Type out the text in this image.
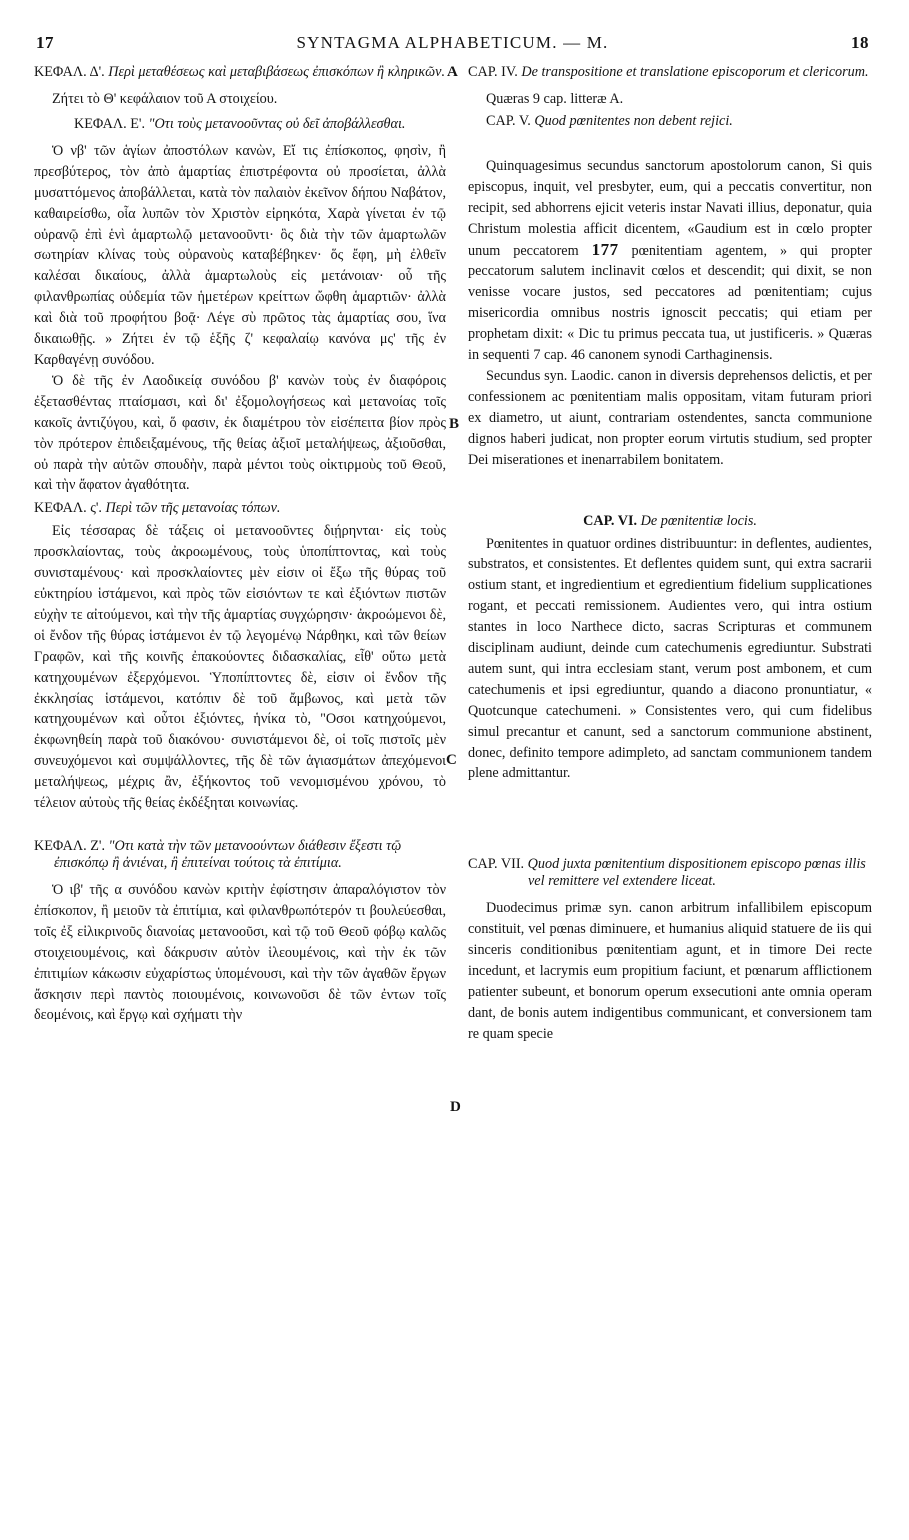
17	SYNTAGMA ALPHABETICUM. — M.	18
A
B
C
D

ΚΕΦΑΛ. Δ'. Περὶ μεταθέσεως καὶ μεταβιβάσεως ἐπισκόπων ἢ κληρικῶν.

Ζήτει τὸ Θ' κεφάλαιον τοῦ Α στοιχείου.

ΚΕΦΑΛ. Ε'. "Οτι τοὺς μετανοοῦντας οὐ δεῖ ἀποβάλλεσθαι.

Ὁ νβ' τῶν ἁγίων ἀποστόλων κανὼν, Εἴ τις ἐπίσκοπος, φησὶν, ἢ πρεσβύτερος, τὸν ἀπὸ ἁμαρτίας ἐπιστρέφοντα οὐ προσίεται, ἀλλὰ μυσαττόμενος ἀποβάλλεται, κατὰ τὸν παλαιὸν ἐκεῖνον δήπου Ναβάτον, καθαιρείσθω, οἷα λυπῶν τὸν Χριστὸν εἰρηκότα, Χαρὰ γίνεται ἐν τῷ οὐρανῷ ἐπὶ ἑνὶ ἁμαρτωλῷ μετανοοῦντι· ὃς διὰ τὴν τῶν ἁμαρτωλῶν σωτηρίαν κλίνας τοὺς οὐρανοὺς καταβέβηκεν· ὅς ἔφη, μὴ ἐλθεῖν καλέσαι δικαίους, ἀλλὰ ἁμαρτωλοὺς εἰς μετάνοιαν· οὗ τῆς φιλανθρωπίας οὐδεμία τῶν ἡμετέρων κρείττων ὤφθη ἁμαρτιῶν· ἀλλὰ καὶ διὰ τοῦ προφήτου βοᾷ· Λέγε σὺ πρῶτος τὰς ἁμαρτίας σου, ἵνα δικαιωθῇς. » Ζήτει ἐν τῷ ἑξῆς ζ' κεφαλαίῳ κανόνα μς' τῆς ἐν Καρθαγένῃ συνόδου.

Ὁ δὲ τῆς ἐν Λαοδικείᾳ συνόδου β' κανὼν τοὺς ἐν διαφόροις ἐξετασθέντας πταίσμασι, καὶ δι' ἐξομολογήσεως καὶ μετανοίας τοῖς κακοῖς ἀντιζύγου, καὶ, ὅ φασιν, ἐκ διαμέτρου τὸν εἰσέπειτα βίον πρὸς τὸν πρότερον ἐπιδειξαμένους, τῆς θείας ἀξιοῖ μεταλήψεως, ἀξιοῦσθαι, οὐ παρὰ τὴν αὐτῶν σπουδὴν, παρὰ μέντοι τοὺς οἰκτιρμοὺς τοῦ Θεοῦ, καὶ τὴν ἄφατον ἀγαθότητα.

ΚΕΦΑΛ. ς'. Περὶ τῶν τῆς μετανοίας τόπων.

Εἰς τέσσαρας δὲ τάξεις οἱ μετανοοῦντες διῄρηνται· εἰς τοὺς προσκλαίοντας, τοὺς ἀκροωμένους, τοὺς ὑποπίπτοντας, καὶ τοὺς συνισταμένους· καὶ προσκλαίοντες μὲν εἰσιν οἱ ἔξω τῆς θύρας τοῦ εὐκτηρίου ἱστάμενοι, καὶ πρὸς τῶν εἰσιόντων τε καὶ ἐξιόντων πιστῶν εὐχὴν τε αἰτούμενοι, καὶ τὴν τῆς ἁμαρτίας συγχώρησιν· ἀκροώμενοι δὲ, οἱ ἔνδον τῆς θύρας ἱστάμενοι ἐν τῷ λεγομένῳ Νάρθηκι, καὶ τῶν θείων Γραφῶν, καὶ τῆς κοινῆς ἐπακούοντες διδασκαλίας, εἶθ' οὕτω μετὰ κατηχουμένων ἐξερχόμενοι. Ὑποπίπτοντες δὲ, εἰσιν οἱ ἔνδον τῆς ἐκκλησίας ἱστάμενοι, κατόπιν δὲ τοῦ ἄμβωνος, καὶ μετὰ τῶν κατηχουμένων καὶ οὗτοι ἐξιόντες, ἡνίκα τὸ, "Οσοι κατηχούμενοι, ἐκφωνηθείη παρὰ τοῦ διακόνου· συνιστάμενοι δὲ, οἱ τοῖς πιστοῖς μὲν συνευχόμενοι καὶ συμψάλλοντες, τῆς δὲ τῶν ἁγιασμάτων ἀπεχόμενοι μεταλήψεως, μέχρις ἂν, ἐξήκοντος τοῦ νενομισμένου χρόνου, τὸ τέλειον αὐτοὺς τῆς θείας ἐκδέξηται κοινωνίας.

ΚΕΦΑΛ. Ζ'. "Οτι κατὰ τὴν τῶν μετανοούντων διάθεσιν ἔξεστι τῷ ἐπισκόπῳ ἢ ἀνιέναι, ἢ ἐπιτείναι τούτοις τὰ ἐπιτίμια.

Ὁ ιβ' τῆς α συνόδου κανὼν κριτὴν ἐφίστησιν ἀπαραλόγιστον τὸν ἐπίσκοπον, ἢ μειοῦν τὰ ἐπιτίμια, καὶ φιλανθρωπότερόν τι βουλεύεσθαι, τοῖς ἐξ εἰλικρινοῦς διανοίας μετανοοῦσι, καὶ τῷ τοῦ Θεοῦ φόβῳ καλῶς στοιχειουμένοις, καὶ δάκρυσιν αὐτὸν ἱλεουμένοις, καὶ τὴν ἐκ τῶν ἐπιτιμίων κάκωσιν εὐχαρίστως ὑπομένουσι, καὶ τὴν τῶν ἀγαθῶν ἔργων ἄσκησιν περὶ παντὸς ποιουμένοις, κοινωνοῦσι δὲ τῶν ἐντων τοῖς δεομένοις, καὶ ἔργῳ καὶ σχήματι τὴν

CAP. IV. De transpositione et translatione episcoporum et clericorum.

Quæras 9 cap. litteræ A.

CAP. V. Quod pœnitentes non debent rejici.

Quinquagesimus secundus sanctorum apostolorum canon, Si quis episcopus, inquit, vel presbyter, eum, qui a peccatis convertitur, non recipit, sed abhorrens ejicit veteris instar Navati illius, deponatur, quia Christum molestia afficit dicentem, «Gaudium est in cœlo propter unum peccatorem 177 pœnitentiam agentem, » qui propter peccatorum salutem inclinavit cœlos et descendit; qui dixit, se non venisse vocare justos, sed peccatores ad pœnitentiam; cujus misericordia omnibus nostris ignoscit peccatis; qui etiam per prophetam dixit: « Dic tu primus peccata tua, ut justificeris. » Quæras in sequenti 7 cap. 46 canonem synodi Carthaginensis.

Secundus syn. Laodic. canon in diversis deprehensos delictis, et per confessionem ac pœnitentiam malis oppositam, vitam futuram priori ex diametro, ut aiunt, contrariam ostendentes, sancta communione dignos haberi judicat, non propter eorum virtutis studium, sed propter Dei miserationes et inenarrabilem bonitatem.

CAP. VI. De pœnitentiæ locis.

Pœnitentes in quatuor ordines distribuuntur: in deflentes, audientes, substratos, et consistentes. Et deflentes quidem sunt, qui extra sacrarii ostium stant, et ingredientium et egredientium fidelium supplicationes rogant, et peccati remissionem. Audientes vero, qui intra ostium stantes in loco Narthece dicto, sacras Scripturas et communem disciplinam audiunt, deinde cum catechumenis egrediuntur. Substrati autem sunt, qui intra ecclesiam stant, verum post ambonem, et cum catechumenis et ipsi egrediuntur, quando a diacono pronuntiatur, « Quotcunque catechumeni. » Consistentes vero, qui cum fidelibus simul precantur et canunt, sed a sanctorum communione abstinent, donec, definito tempore adimpleto, ad sanctam communionem tandem plene admittantur.

CAP. VII. Quod juxta pœnitentium dispositionem episcopo pœnas illis vel remittere vel extendere liceat.

Duodecimus primæ syn. canon arbitrum infallibilem episcopum constituit, vel pœnas diminuere, et humanius aliquid statuere de iis qui sinceris conditionibus pœnitentiam agunt, et in timore Dei recte incedunt, et lacrymis eum propitium faciunt, et pœnarum afflictionem patienter subeunt, et bonorum operum exsecutioni ante omnia operam dant, de bonis autem indigentibus communicant, et conversionem tam re quam specie
